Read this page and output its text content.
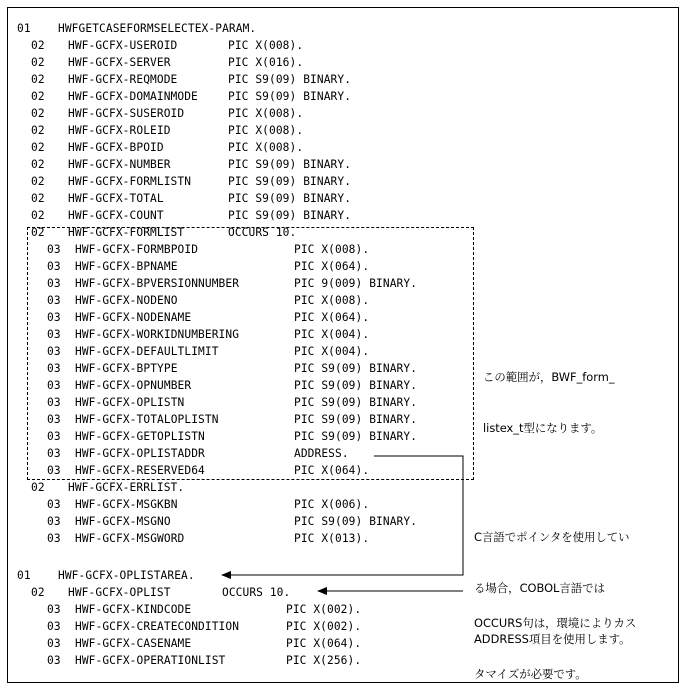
01    HWFGETCASEFORMSELECTEX-PARAM.
02 HWF-GCFX-USEROID	PIC X(008).
02 HWF-GCFX-SERVER	PIC X(016).
02 HWF-GCFX-REQMODE	PIC S9(09) BINARY.
02 HWF-GCFX-DOMAINMODE	PIC S9(09) BINARY.
02 HWF-GCFX-SUSEROID	PIC X(008).
02 HWF-GCFX-ROLEID	PIC X(008).
02 HWF-GCFX-BPOID	PIC X(008).
02 HWF-GCFX-NUMBER	PIC S9(09) BINARY.
02 HWF-GCFX-FORMLISTN	PIC S9(09) BINARY.
02 HWF-GCFX-TOTAL	PIC S9(09) BINARY.
02 HWF-GCFX-COUNT	PIC S9(09) BINARY.
02 HWF-GCFX-FORMLIST	OCCURS 10.
03 HWF-GCFX-FORMBPOID	PIC X(008).
03 HWF-GCFX-BPNAME	PIC X(064).
03 HWF-GCFX-BPVERSIONNUMBER	PIC 9(009) BINARY.
03 HWF-GCFX-NODENO	PIC X(008).
03 HWF-GCFX-NODENAME	PIC X(064).
03 HWF-GCFX-WORKIDNUMBERING	PIC X(004).
03 HWF-GCFX-DEFAULTLIMIT	PIC X(004).
03 HWF-GCFX-BPTYPE	PIC S9(09) BINARY.
03 HWF-GCFX-OPNUMBER	PIC S9(09) BINARY.
03 HWF-GCFX-OPLISTN	PIC S9(09) BINARY.
03 HWF-GCFX-TOTALOPLISTN	PIC S9(09) BINARY.
03 HWF-GCFX-GETOPLISTN	PIC S9(09) BINARY.
03 HWF-GCFX-OPLISTADDR	ADDRESS.
03 HWF-GCFX-RESERVED64	PIC X(064).
02 HWF-GCFX-ERRLIST.
03 HWF-GCFX-MSGKBN	PIC X(006).
03 HWF-GCFX-MSGNO	PIC S9(09) BINARY.
03 HWF-GCFX-MSGWORD	PIC X(013).
01    HWF-GCFX-OPLISTAREA.
02 HWF-GCFX-OPLIST	OCCURS 10.
03 HWF-GCFX-KINDCODE	PIC X(002).
03 HWF-GCFX-CREATECONDITION	PIC X(002).
03 HWF-GCFX-CASENAME	PIC X(064).
03 HWF-GCFX-OPERATIONLIST	PIC X(256).

この範囲が，BWF_form_

listex_t型になります。

C言語でポインタを使用してい

る場合，COBOL言語では

ADDRESS項目を使用します。

OCCURS句は，環境によりカス

タマイズが必要です。
